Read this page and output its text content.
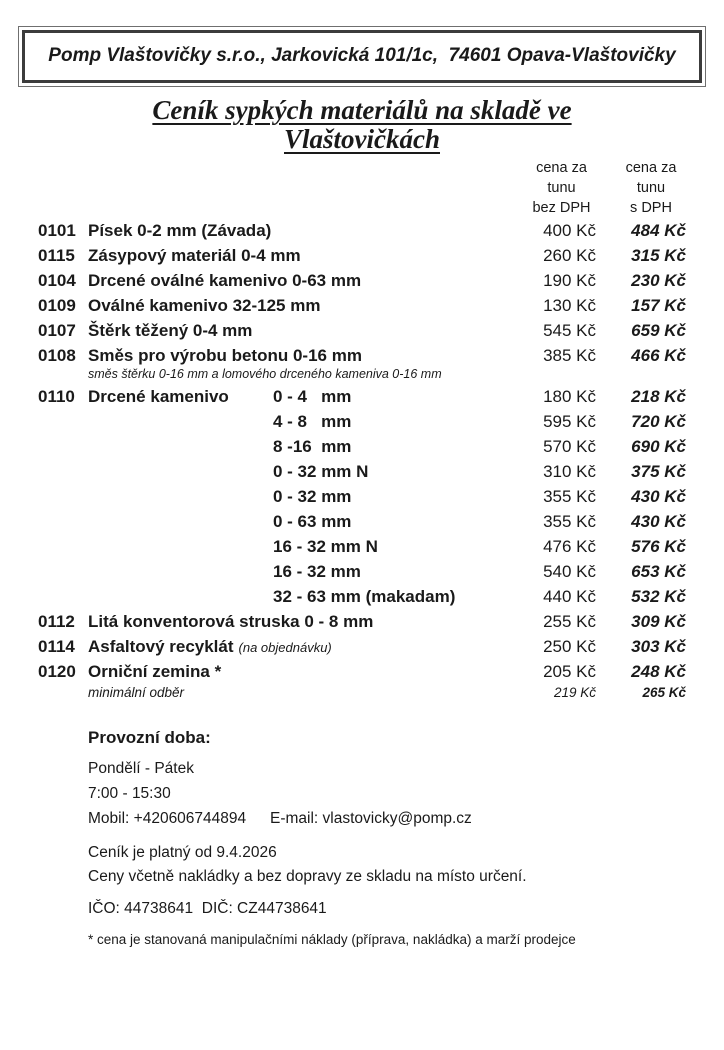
Pomp Vlaštovičky s.r.o., Jarkovická 101/1c,  74601 Opava-Vlaštovičky
Ceník sypkých materiálů na skladě ve
Vlaštovičkách
cena za
tunu
bez DPH
cena za
tunu
s DPH
0101 Písek 0-2 mm (Závada)	400 Kč	484 Kč
0115 Zásypový materiál 0-4 mm	260 Kč	315 Kč
0104 Drcené oválné kamenivo 0-63 mm	190 Kč	230 Kč
0109 Oválné kamenivo 32-125 mm	130 Kč	157 Kč
0107 Štěrk těžený 0-4 mm	545 Kč	659 Kč
0108 Směs pro výrobu betonu 0-16 mm	385 Kč	466 Kč
směs štěrku 0-16 mm a lomového drceného kameniva 0-16 mm
0110 Drcené kamenivo	0 - 4   mm	180 Kč	218 Kč
4 - 8   mm	595 Kč	720 Kč
8 -16  mm	570 Kč	690 Kč
0 - 32 mm N	310 Kč	375 Kč
0 - 32 mm	355 Kč	430 Kč
0 - 63 mm	355 Kč	430 Kč
16 - 32 mm N	476 Kč	576 Kč
16 - 32 mm	540 Kč	653 Kč
32 - 63 mm (makadam)	440 Kč	532 Kč
0112 Litá konventorová struska 0 - 8 mm	255 Kč	309 Kč
0114 Asfaltový recyklát (na objednávku)	250 Kč	303 Kč
0120 Orniční zemina *	205 Kč	248 Kč
minimální odběr	219 Kč	265 Kč
Provozní doba:
Pondělí - Pátek
7:00 - 15:30
Mobil: +420606744894 E-mail: vlastovicky@pomp.cz
Ceník je platný od 9.4.2026
Ceny včetně nakládky a bez dopravy ze skladu na místo určení.
IČO: 44738641  DIČ: CZ44738641
* cena je stanovaná manipulačními náklady (příprava, nakládka) a marží prodejce
